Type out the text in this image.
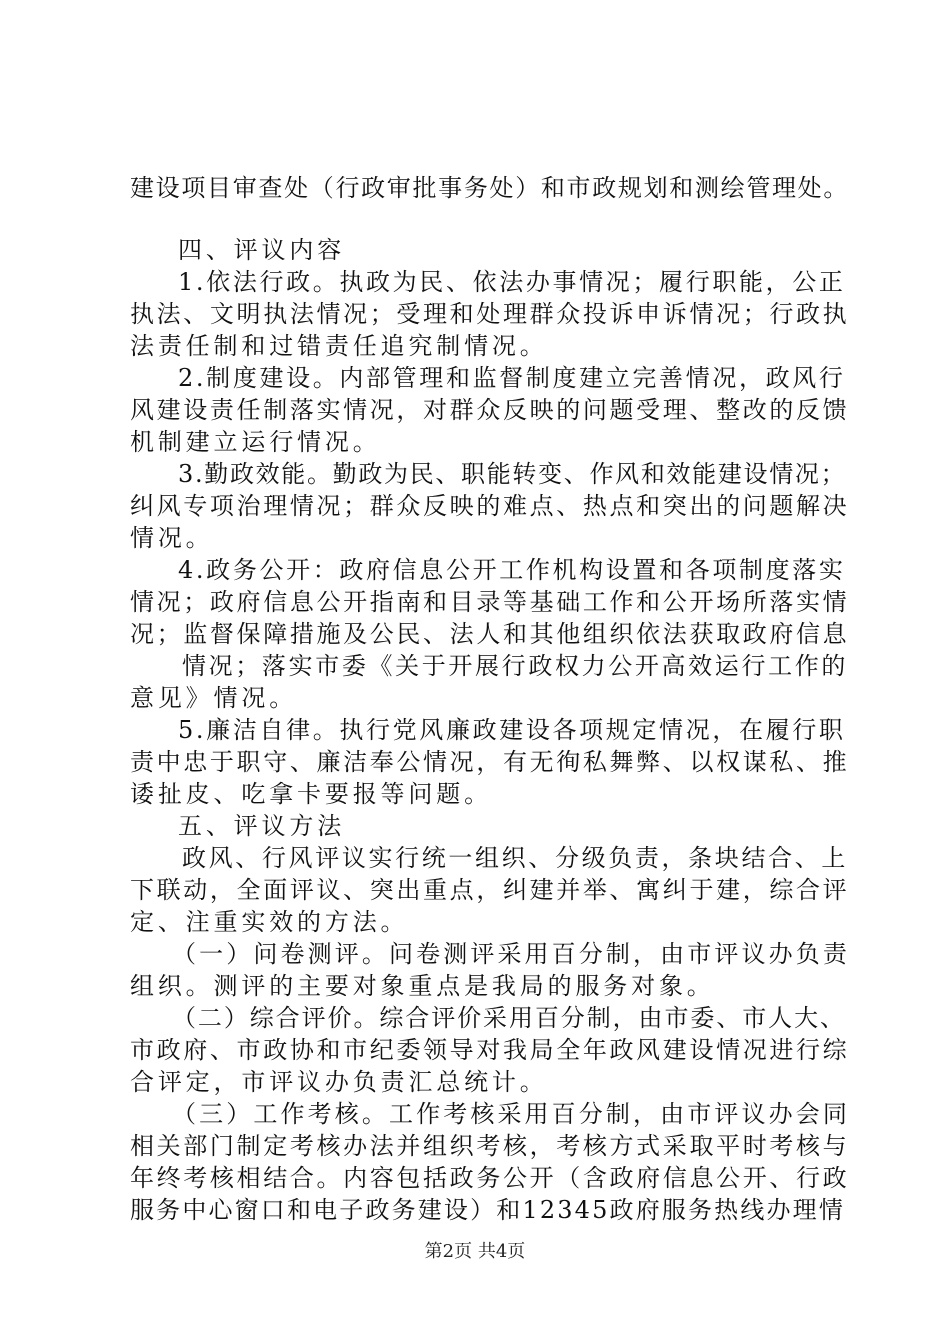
建设项目审查处（行政审批事务处）和市政规划和测绘管理处。
四、评议内容
1.依法行政。执政为民、依法办事情况；履行职能，公正
执法、文明执法情况；受理和处理群众投诉申诉情况；行政执
法责任制和过错责任追究制情况。
2.制度建设。内部管理和监督制度建立完善情况，政风行
风建设责任制落实情况，对群众反映的问题受理、整改的反馈
机制建立运行情况。
3.勤政效能。勤政为民、职能转变、作风和效能建设情况；
纠风专项治理情况；群众反映的难点、热点和突出的问题解决
情况。
4.政务公开：政府信息公开工作机构设置和各项制度落实
情况；政府信息公开指南和目录等基础工作和公开场所落实情
况；监督保障措施及公民、法人和其他组织依法获取政府信息
情况；落实市委《关于开展行政权力公开高效运行工作的
意见》情况。
5.廉洁自律。执行党风廉政建设各项规定情况，在履行职
责中忠于职守、廉洁奉公情况，有无徇私舞弊、以权谋私、推
诿扯皮、吃拿卡要报等问题。
五、评议方法
政风、行风评议实行统一组织、分级负责，条块结合、上
下联动，全面评议、突出重点，纠建并举、寓纠于建，综合评
定、注重实效的方法。
（一）问卷测评。问卷测评采用百分制，由市评议办负责
组织。测评的主要对象重点是我局的服务对象。
（二）综合评价。综合评价采用百分制，由市委、市人大、
市政府、市政协和市纪委领导对我局全年政风建设情况进行综
合评定，市评议办负责汇总统计。
（三）工作考核。工作考核采用百分制，由市评议办会同
相关部门制定考核办法并组织考核，考核方式采取平时考核与
年终考核相结合。内容包括政务公开（含政府信息公开、行政
服务中心窗口和电子政务建设）和12345政府服务热线办理情
第2页 共4页
